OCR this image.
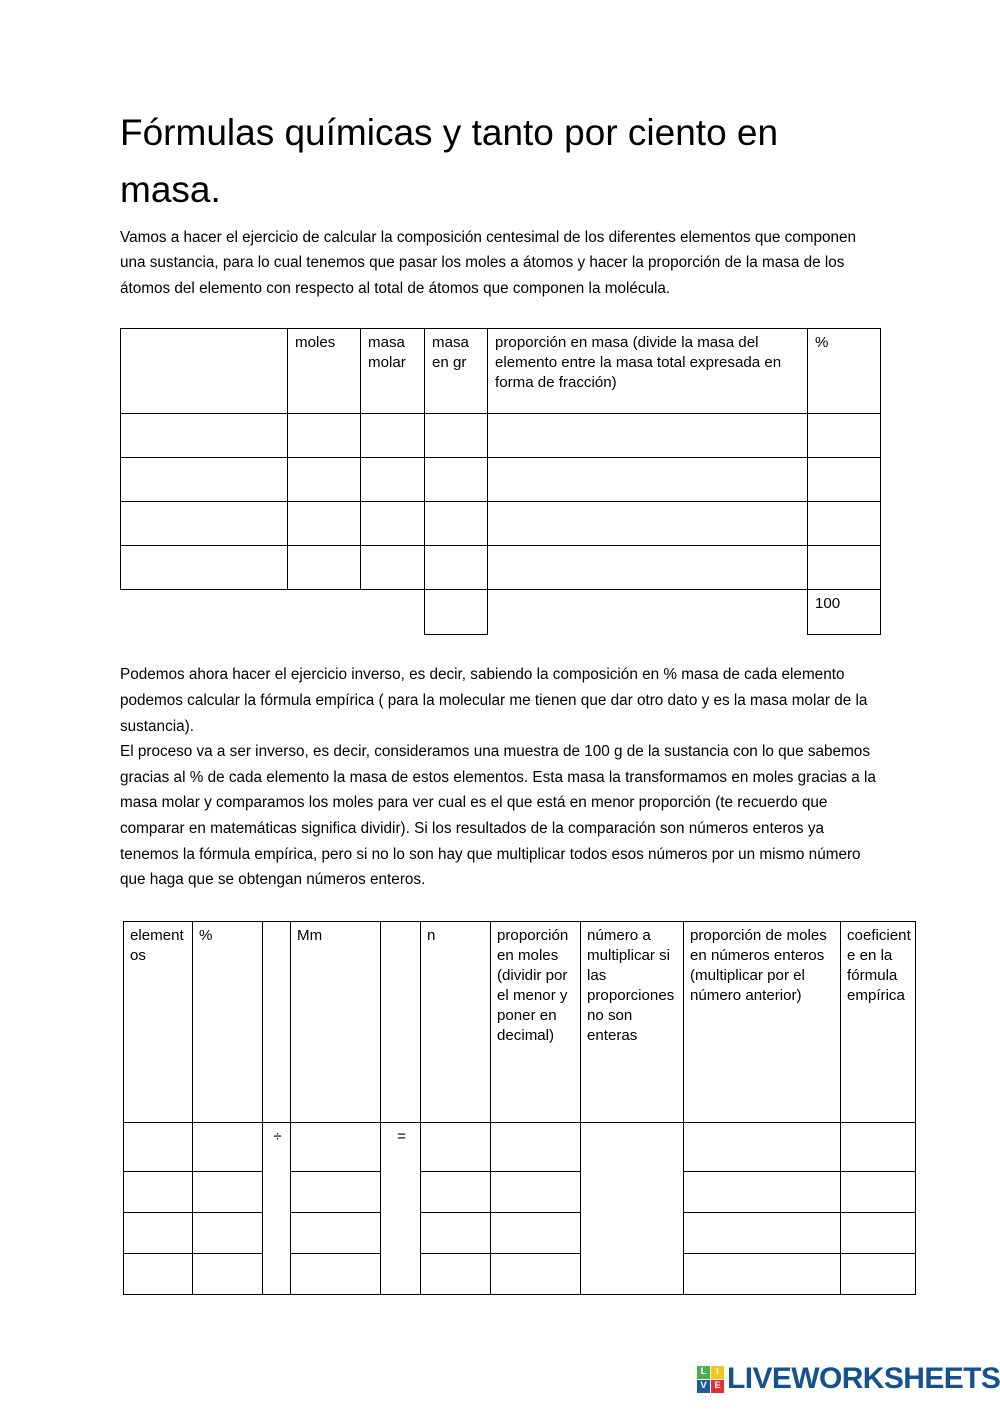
Fórmulas químicas y tanto por ciento en masa.

Vamos a hacer el ejercicio de calcular la composición centesimal de los diferentes elementos que componen una sustancia, para lo cual tenemos que pasar los moles a átomos y hacer la proporción de la masa de los átomos del elemento con respecto al total de átomos que componen la molécula.

	moles	masa molar	masa en gr	proporción en masa (divide la masa del elemento entre la masa total expresada en forma de fracción)	%

					100

Podemos ahora hacer el ejercicio inverso, es decir, sabiendo la composición en % masa de cada elemento podemos calcular la fórmula empírica ( para la molecular me tienen que dar otro dato y es la masa molar de la sustancia).

El proceso va a ser inverso, es decir, consideramos una muestra de 100 g de la sustancia con lo que sabemos gracias al % de cada elemento la masa de estos elementos. Esta masa la transformamos en moles gracias a la masa molar y comparamos los moles para ver cual es el que está en menor proporción (te recuerdo que comparar en matemáticas significa dividir). Si los resultados de la comparación son números enteros ya tenemos la fórmula empírica, pero si no lo son hay que multiplicar todos esos números por un mismo número que haga que se obtengan números enteros.

elementos	%		Mm		n	proporción en moles (dividir por el menor y poner en decimal)	número a multiplicar si las proporciones no son enteras	proporción de moles en números enteros (multiplicar por el número anterior)	coeficiente en la fórmula empírica
		÷		=					

L	I
V E LIVEWORKSHEETS
